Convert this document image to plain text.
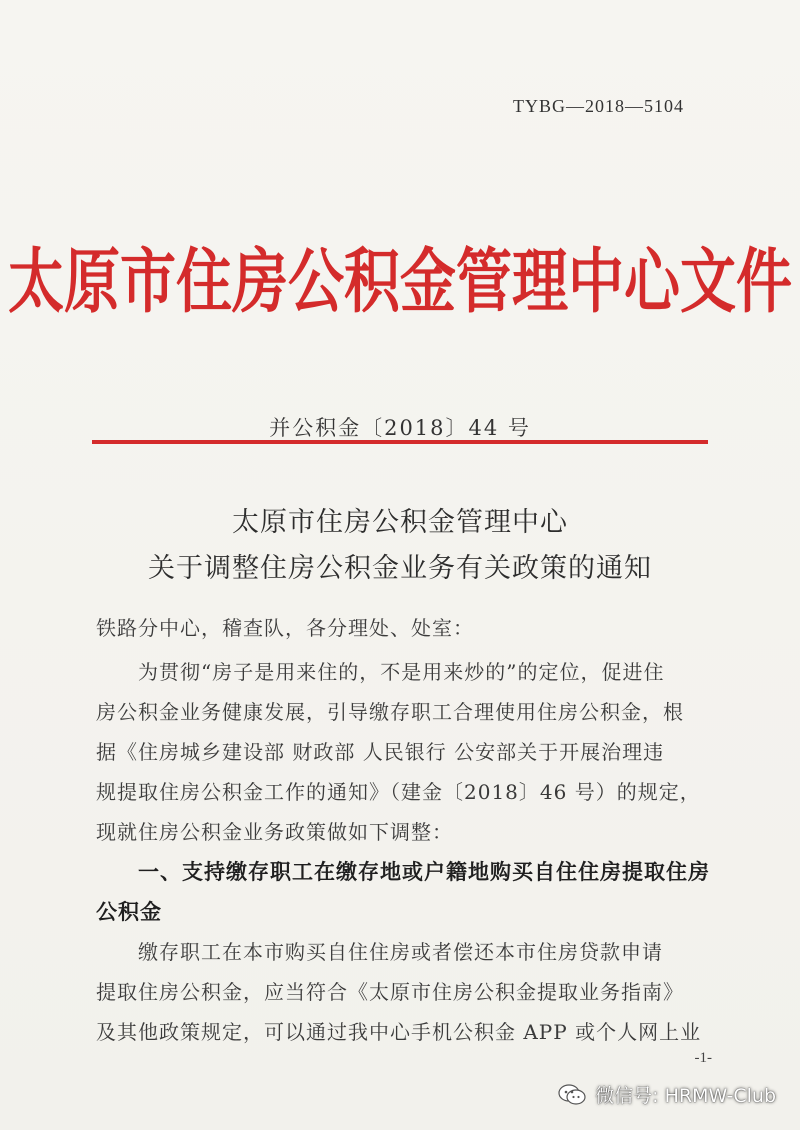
TYBG—2018—5104
太原市住房公积金管理中心文件
并公积金〔2018〕44 号
太原市住房公积金管理中心
关于调整住房公积金业务有关政策的通知
铁路分中心，稽查队，各分理处、处室：
为贯彻“房子是用来住的，不是用来炒的”的定位，促进住
房公积金业务健康发展，引导缴存职工合理使用住房公积金，根
据《住房城乡建设部 财政部 人民银行 公安部关于开展治理违
规提取住房公积金工作的通知》（建金〔2018〕46 号）的规定，
现就住房公积金业务政策做如下调整：
一、支持缴存职工在缴存地或户籍地购买自住住房提取住房
公积金
缴存职工在本市购买自住住房或者偿还本市住房贷款申请
提取住房公积金，应当符合《太原市住房公积金提取业务指南》
及其他政策规定，可以通过我中心手机公积金 APP 或个人网上业
-1-
微信号: HRMW-Club
